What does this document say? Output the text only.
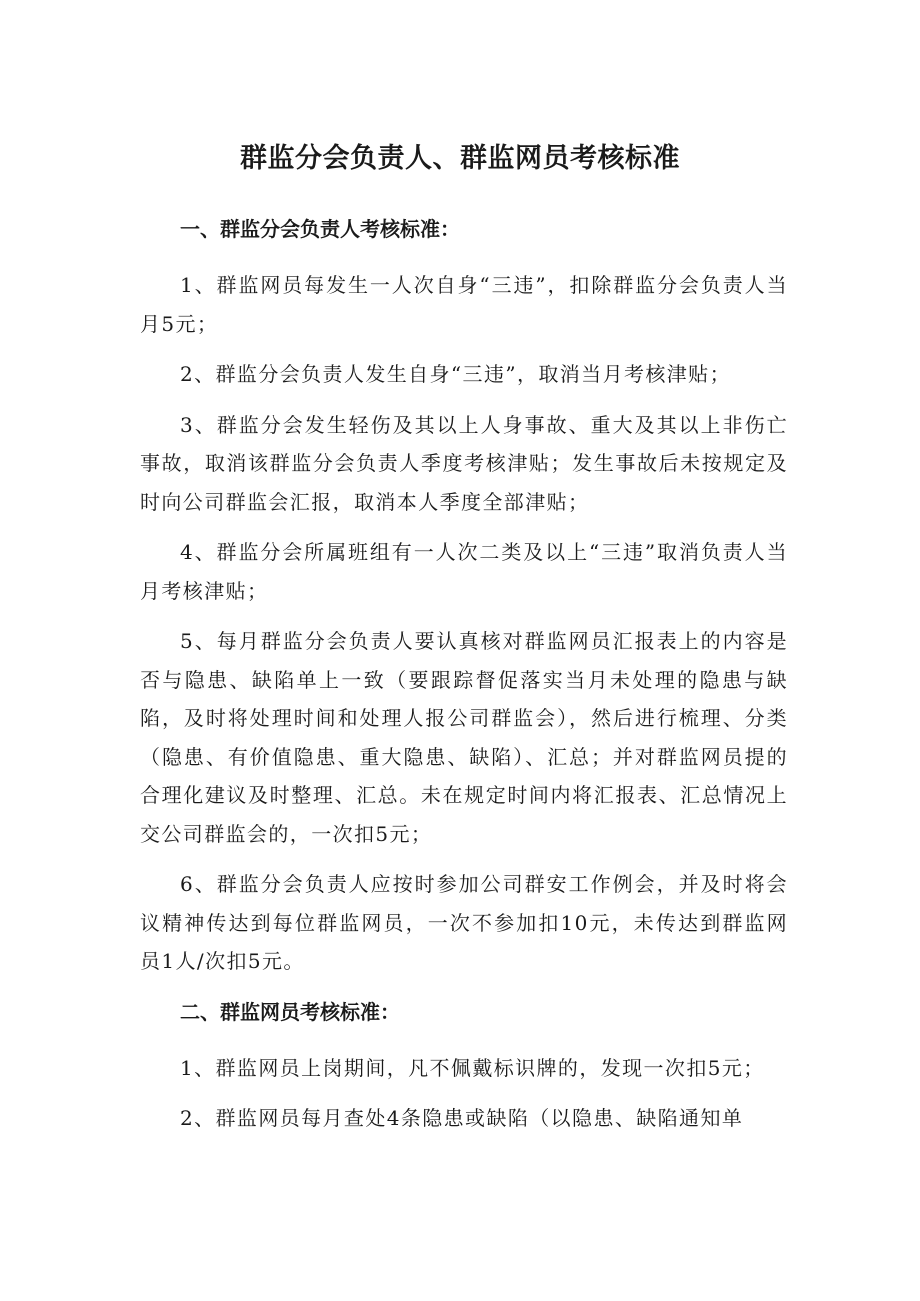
群监分会负责人、群监网员考核标准

一、群监分会负责人考核标准：

1、群监网员每发生一人次自身“三违”，扣除群监分会负责人当月5元；

2、群监分会负责人发生自身“三违”，取消当月考核津贴；

3、群监分会发生轻伤及其以上人身事故、重大及其以上非伤亡事故，取消该群监分会负责人季度考核津贴；发生事故后未按规定及时向公司群监会汇报，取消本人季度全部津贴；

4、群监分会所属班组有一人次二类及以上“三违”取消负责人当月考核津贴；

5、每月群监分会负责人要认真核对群监网员汇报表上的内容是否与隐患、缺陷单上一致（要跟踪督促落实当月未处理的隐患与缺陷，及时将处理时间和处理人报公司群监会），然后进行梳理、分类（隐患、有价值隐患、重大隐患、缺陷）、汇总；并对群监网员提的合理化建议及时整理、汇总。未在规定时间内将汇报表、汇总情况上交公司群监会的，一次扣5元；

6、群监分会负责人应按时参加公司群安工作例会，并及时将会议精神传达到每位群监网员，一次不参加扣10元，未传达到群监网员1人/次扣5元。

二、群监网员考核标准：

1、群监网员上岗期间，凡不佩戴标识牌的，发现一次扣5元；

2、群监网员每月查处4条隐患或缺陷（以隐患、缺陷通知单
